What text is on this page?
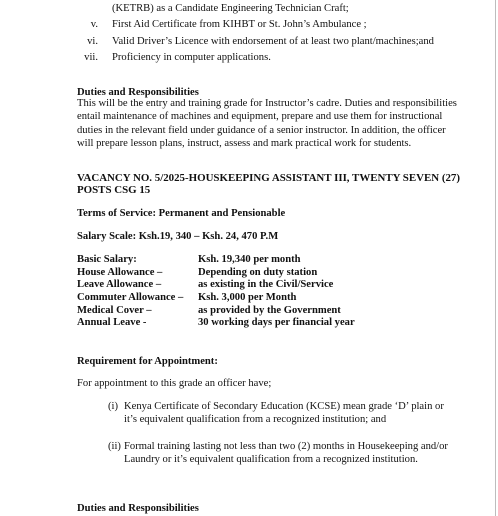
(KETRB) as a Candidate Engineering Technician Craft;
v. First Aid Certificate from KIHBT or St. John’s Ambulance ;
vi. Valid Driver’s Licence with endorsement of at least two plant/machines;and
vii. Proficiency in computer applications.
Duties and Responsibilities
This will be the entry and training grade for Instructor’s cadre. Duties and responsibilities
entail maintenance of machines and equipment, prepare and use them for instructional
duties in the relevant field under guidance of a senior instructor. In addition, the officer
will prepare lesson plans, instruct, assess and mark practical work for students.
VACANCY NO. 5/2025-HOUSKEEPING ASSISTANT III, TWENTY SEVEN (27)
POSTS CSG 15
Terms of Service: Permanent and Pensionable
Salary Scale: Ksh.19, 340 – Ksh. 24, 470 P.M
Basic Salary:	Ksh. 19,340 per month
House Allowance –	Depending on duty station
Leave Allowance –	as existing in the Civil/Service
Commuter Allowance – Ksh. 3,000 per Month
Medical Cover –	as provided by the Government
Annual Leave -	30 working days per financial year
Requirement for Appointment:
For appointment to this grade an officer have;
(i) Kenya Certificate of Secondary Education (KCSE) mean grade ‘D’ plain or
it’s equivalent qualification from a recognized institution; and
(ii) Formal training lasting not less than two (2) months in Housekeeping and/or
Laundry or it’s equivalent qualification from a recognized institution.
Duties and Responsibilities
